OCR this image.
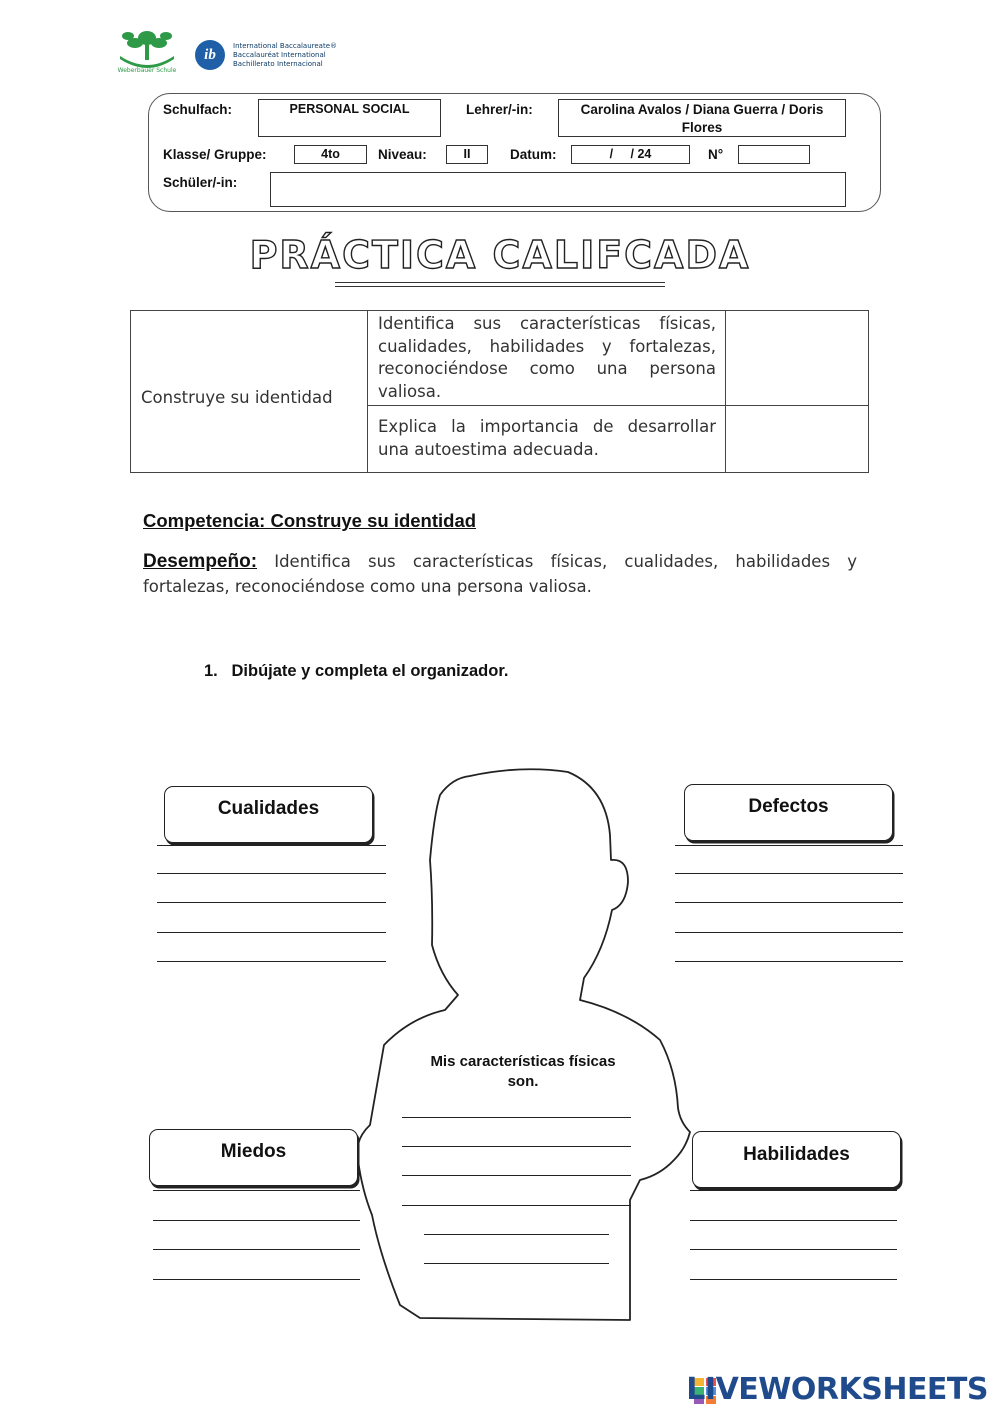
Weberbauer Schule
ib
International Baccalaureate®
Baccalauréat International
Bachillerato Internacional
Schulfach:	PERSONAL SOCIAL	Lehrer/-in:	Carolina Avalos / Diana Guerra / Doris Flores
Klasse/ Gruppe:	4to	Niveau:	II	Datum:	/     / 24	N°
Schüler/-in:
PRÁCTICA CALIFCADA
Construye su identidad	Identifica sus características físicas, cualidades, habilidades y fortalezas, reconociéndose como una persona valiosa.	
	Explica la importancia de desarrollar una autoestima adecuada.	
Competencia: Construye su identidad
Desempeño: Identifica sus características físicas, cualidades, habilidades y fortalezas, reconociéndose como una persona valiosa.
1.   Dibújate y completa el organizador.
Mis características físicas son.
Cualidades	Defectos
Miedos	Habilidades
LIVEWORKSHEETS
